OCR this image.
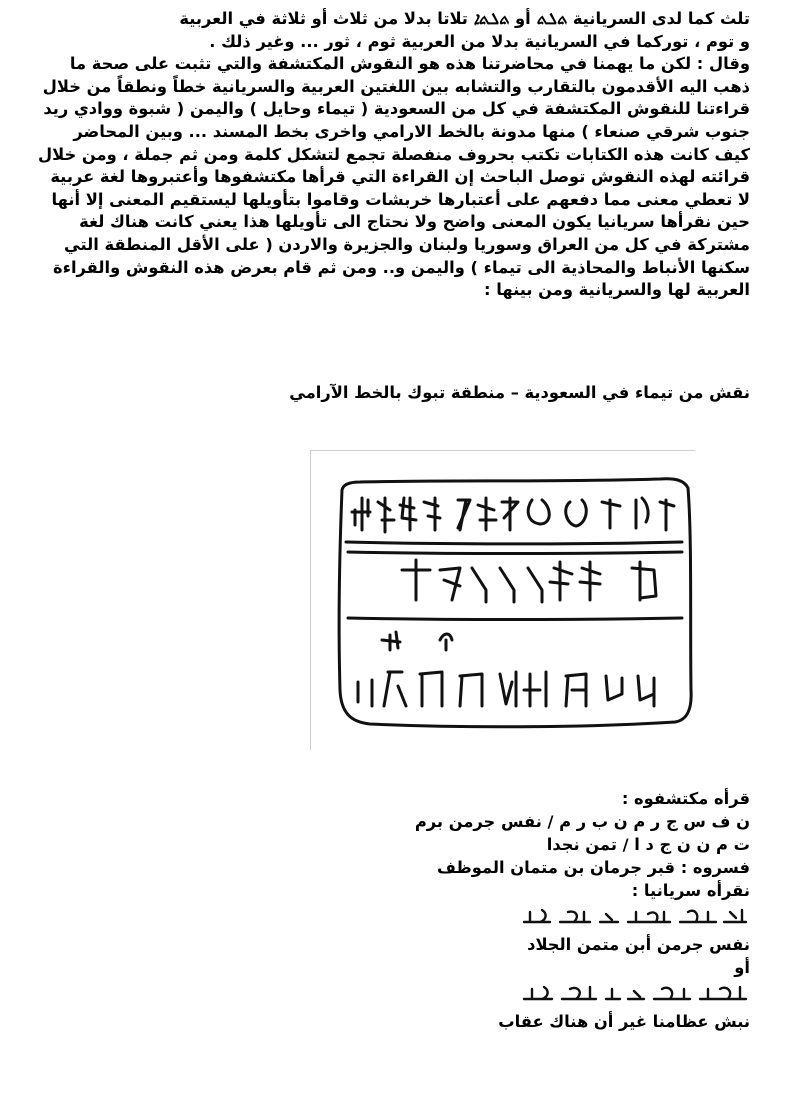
تلث كما لدى السريانية ܬܠܬ أو ܬܠܬܐ تلاتا بدلا من ثلاث أو ثلاثة في العربية
و توم ، توركما في السريانية بدلا من العربية ثوم ، ثور ... وغير ذلك .
وقال : لكن ما يهمنا في محاضرتنا هذه هو النقوش المكتشفة والتي تثبت على صحة ما
ذهب اليه الأقدمون بالتقارب والتشابه بين اللغتين العربية والسريانية خطاً ونطقاً من خلال
قراءتنا للنقوش المكتشفة في كل من السعودية ( تيماء وحايل ) واليمن ( شبوة ووادي ريد
جنوب شرقي صنعاء ) منها مدونة بالخط الارامي واخرى بخط المسند ... وبين المحاضر
كيف كانت هذه الكتابات تكتب بحروف منفصلة تجمع لتشكل كلمة ومن ثم جملة ، ومن خلال
قرائته لهذه النقوش توصل الباحث إن القراءة التي قرأها مكتشفوها وأعتبروها لغة عربية
لا تعطي معنى مما دفعهم على أعتبارها خربشات وقاموا بتأويلها ليستقيم المعنى إلا أنها
حين نقرأها سريانيا يكون المعنى واضح ولا نحتاج الى تأويلها هذا يعني كانت هناك لغة
مشتركة في كل من العراق وسوريا ولبنان والجزيرة والاردن ( على الأقل المنطقة التي
سكنها الأنباط والمحاذية الى تيماء ) واليمن و.. ومن ثم قام بعرض هذه النقوش والقراءة
العربية لها والسريانية ومن بينها :
نقش من تيماء في السعودية – منطقة تبوك بالخط الآرامي
قرأه مكتشفوه :
ن ف س ج ر م ن ب ر م / نفس جرمن برم
ت م ن ن ج د ا / تمن نجدا
فسروه : قبر جرمان بن متمان الموظف
نقرأه سريانيا :
نفس جرمن أبن متمن الجلاد
أو
نبش عظامنا غير أن هناك عقاب
